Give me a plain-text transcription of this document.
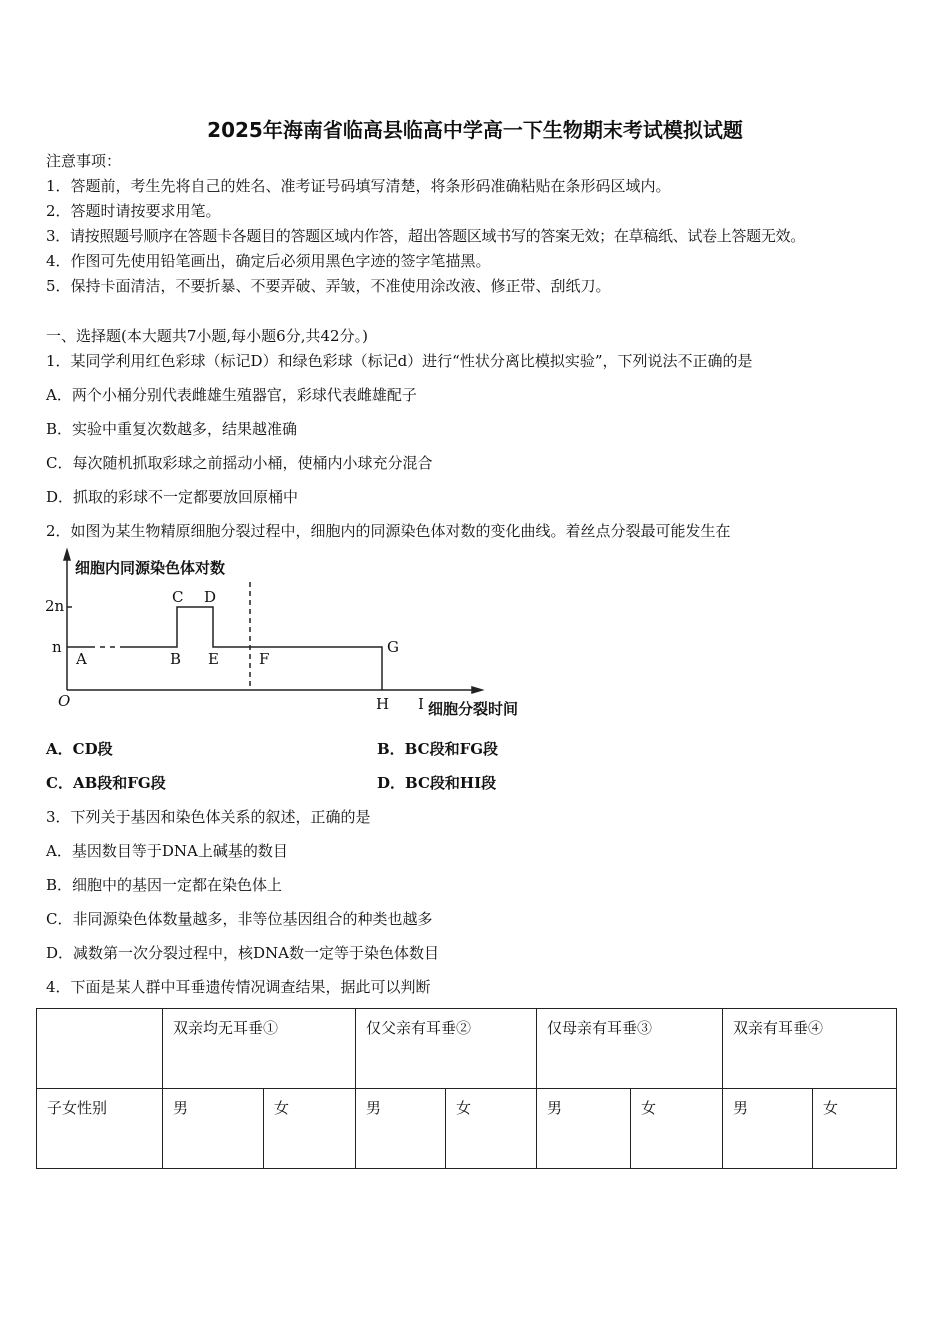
2025年海南省临高县临高中学高一下生物期末考试模拟试题
注意事项：
1．答题前，考生先将自己的姓名、准考证号码填写清楚，将条形码准确粘贴在条形码区域内。
2．答题时请按要求用笔。
3．请按照题号顺序在答题卡各题目的答题区域内作答，超出答题区域书写的答案无效；在草稿纸、试卷上答题无效。
4．作图可先使用铅笔画出，确定后必须用黑色字迹的签字笔描黑。
5．保持卡面清洁，不要折暴、不要弄破、弄皱，不准使用涂改液、修正带、刮纸刀。
一、选择题(本大题共7小题,每小题6分,共42分。)
1．某同学利用红色彩球（标记D）和绿色彩球（标记d）进行“性状分离比模拟实验”，下列说法不正确的是
A．两个小桶分别代表雌雄生殖器官，彩球代表雌雄配子
B．实验中重复次数越多，结果越准确
C．每次随机抓取彩球之前摇动小桶，使桶内小球充分混合
D．抓取的彩球不一定都要放回原桶中
2．如图为某生物精原细胞分裂过程中，细胞内的同源染色体对数的变化曲线。着丝点分裂最可能发生在
细胞内同源染色体对数
2n
n
O
A	B
C D
E	F
G
H I 细胞分裂时间
A．CD段	B．BC段和FG段
C．AB段和FG段	D．BC段和HI段
3．下列关于基因和染色体关系的叙述，正确的是
A．基因数目等于DNA上碱基的数目
B．细胞中的基因一定都在染色体上
C．非同源染色体数量越多，非等位基因组合的种类也越多
D．减数第一次分裂过程中，核DNA数一定等于染色体数目
4．下面是某人群中耳垂遗传情况调查结果，据此可以判断
	双亲均无耳垂①		仅父亲有耳垂②		仅母亲有耳垂③		双亲有耳垂④	
子女性别	男	女	男	女	男	女	男	女
